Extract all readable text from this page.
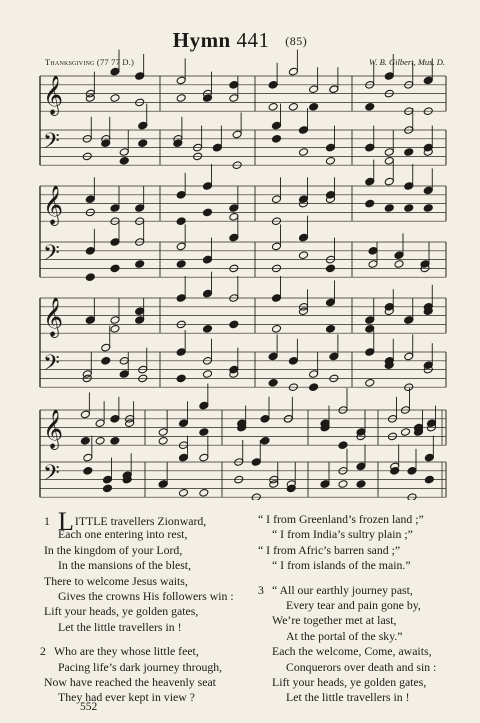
Hymn 441 (85)
Thanksgiving (77 77 D.)	W. B. Gilbert, Mus. D.
𝄞
𝄢
𝄞
𝄢
𝄞
𝄢
𝄞
𝄢
1 LITTLE travellers Zionward,
Each one entering into rest,
In the kingdom of your Lord,
In the mansions of the blest,
There to welcome Jesus waits,
Gives the crowns His followers win :
Lift your heads, ye golden gates,
Let the little travellers in !
2 Who are they whose little feet,
Pacing life’s dark journey through,
Now have reached the heavenly seat
They had ever kept in view ?
“ I from Greenland’s frozen land ;”
“ I from India’s sultry plain ;”
“ I from Afric’s barren sand ;”
“ I from islands of the main.”
3 “ All our earthly journey past,
Every tear and pain gone by,
We’re together met at last,
At the portal of the sky.”
Each the welcome, Come, awaits,
Conquerors over death and sin :
Lift your heads, ye golden gates,
Let the little travellers in !
552
